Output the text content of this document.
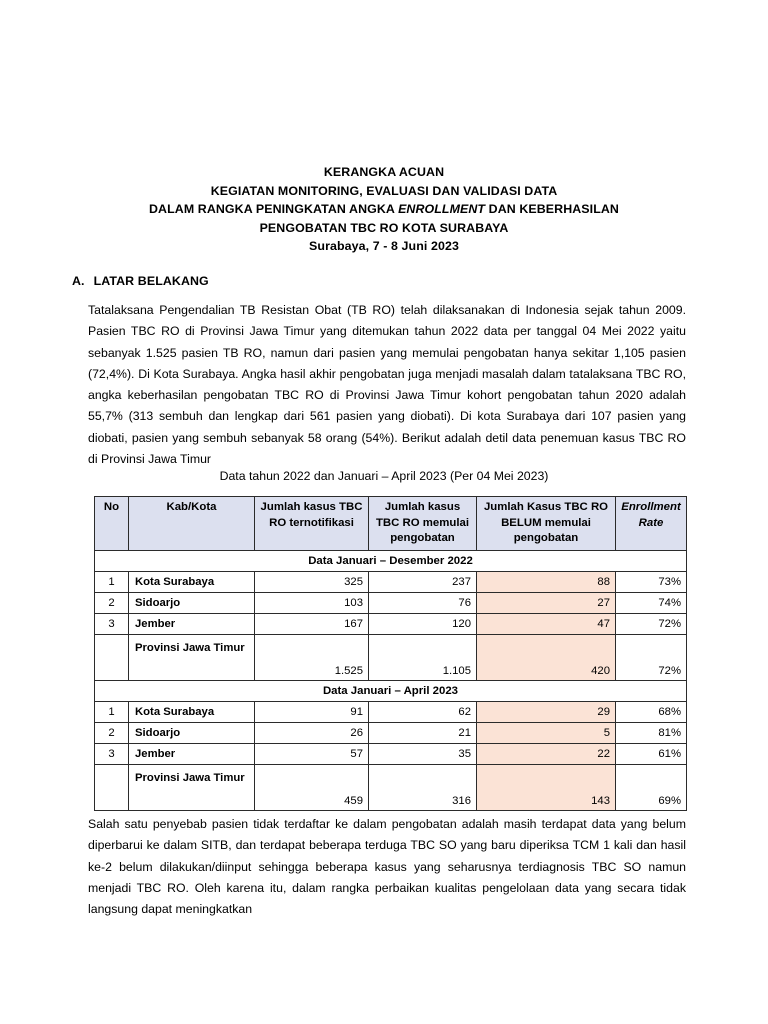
KERANGKA ACUAN
KEGIATAN MONITORING, EVALUASI DAN VALIDASI DATA
DALAM RANGKA PENINGKATAN ANGKA ENROLLMENT DAN KEBERHASILAN
PENGOBATAN TBC RO KOTA SURABAYA
Surabaya, 7 - 8 Juni 2023
A. LATAR BELAKANG
Tatalaksana Pengendalian TB Resistan Obat (TB RO) telah dilaksanakan di Indonesia sejak tahun 2009. Pasien TBC RO di Provinsi Jawa Timur yang ditemukan tahun 2022 data per tanggal 04 Mei 2022 yaitu sebanyak 1.525 pasien TB RO, namun dari pasien yang memulai pengobatan hanya sekitar 1,105 pasien (72,4%). Di Kota Surabaya. Angka hasil akhir pengobatan juga menjadi masalah dalam tatalaksana TBC RO, angka keberhasilan pengobatan TBC RO di Provinsi Jawa Timur kohort pengobatan tahun 2020 adalah 55,7% (313 sembuh dan lengkap dari 561 pasien yang diobati). Di kota Surabaya dari 107 pasien yang diobati, pasien yang sembuh sebanyak 58 orang (54%). Berikut adalah detil data penemuan kasus TBC RO di Provinsi Jawa Timur
Data tahun 2022 dan Januari – April 2023 (Per 04 Mei 2023)
No	Kab/Kota	Jumlah kasus TBC RO ternotifikasi	Jumlah kasus TBC RO memulai pengobatan	Jumlah Kasus TBC RO BELUM memulai pengobatan	Enrollment Rate
Data Januari – Desember 2022					
1	Kota Surabaya	325	237	88	73%
2	Sidoarjo	103	76	27	74%
3	Jember	167	120	47	72%
	Provinsi Jawa Timur	1.525	1.105	420	72%
Data Januari – April 2023					
1	Kota Surabaya	91	62	29	68%
2	Sidoarjo	26	21	5	81%
3	Jember	57	35	22	61%
	Provinsi Jawa Timur	459	316	143	69%
Salah satu penyebab pasien tidak terdaftar ke dalam pengobatan adalah masih terdapat data yang belum diperbarui ke dalam SITB, dan terdapat beberapa terduga TBC SO yang baru diperiksa TCM 1 kali dan hasil ke-2 belum dilakukan/diinput sehingga beberapa kasus yang seharusnya terdiagnosis TBC SO namun menjadi TBC RO. Oleh karena itu, dalam rangka perbaikan kualitas pengelolaan data yang secara tidak langsung dapat meningkatkan
